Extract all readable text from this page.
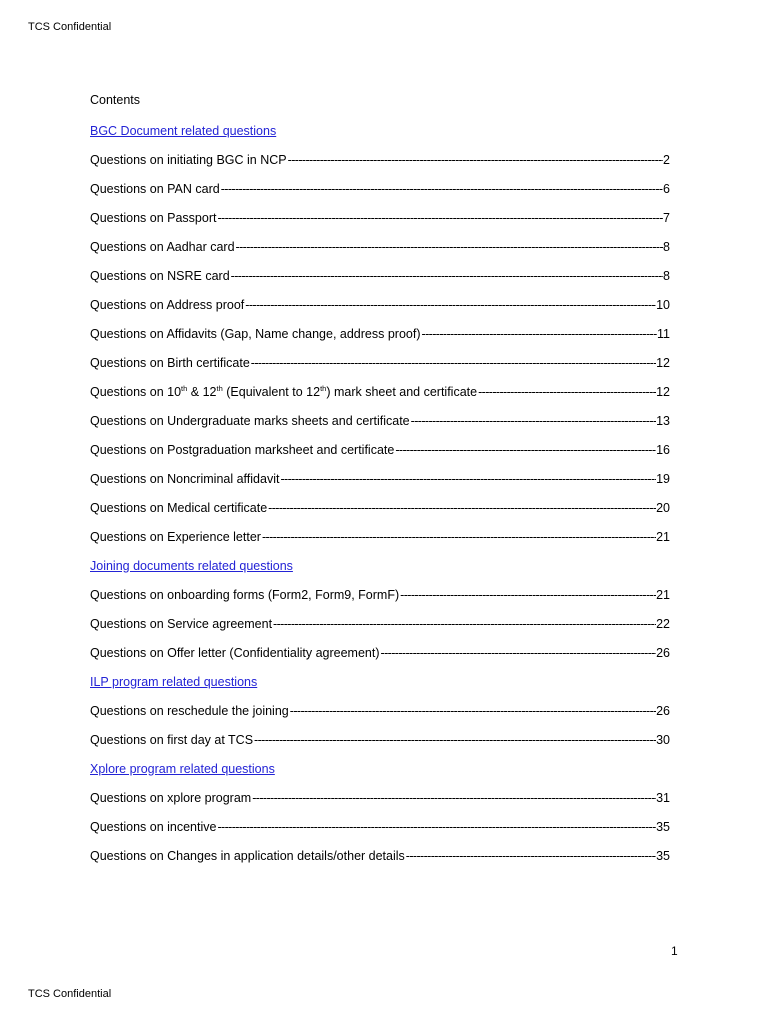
TCS Confidential
Contents
BGC Document related questions
Questions on initiating BGC in NCP -----	2
Questions on PAN card -----	6
Questions on Passport -----	7
Questions on Aadhar card -----	8
Questions on NSRE card -----	8
Questions on Address proof -----	10
Questions on Affidavits (Gap, Name change, address proof) -----	11
Questions on Birth certificate -----	12
Questions on 10th & 12th (Equivalent to 12th) mark sheet and certificate -----	12
Questions on Undergraduate marks sheets and certificate -----	13
Questions on Postgraduation marksheet and certificate -----	16
Questions on Noncriminal affidavit -----	19
Questions on Medical certificate -----	20
Questions on Experience letter -----	21
Joining documents related questions
Questions on onboarding forms (Form2, Form9, FormF) -----	21
Questions on Service agreement -----	22
Questions on Offer letter (Confidentiality agreement) -----	26
ILP program related questions
Questions on reschedule the joining -----	26
Questions on first day at TCS -----	30
Xplore program related questions
Questions on xplore program -----	31
Questions on incentive -----	35
Questions on Changes in application details/other details -----	35
1
TCS Confidential
